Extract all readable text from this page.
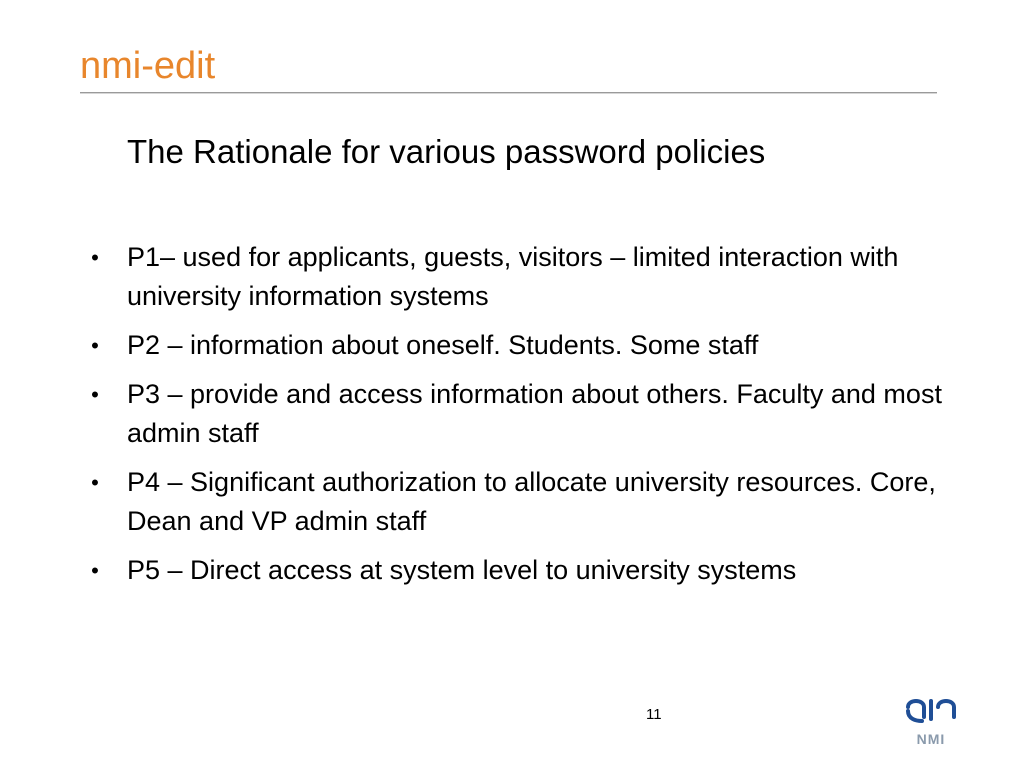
nmi-edit
The Rationale for various password policies
• P1– used for applicants, guests, visitors – limited interaction with university information systems
• P2 – information about oneself. Students. Some staff
• P3 – provide and access information about others. Faculty and most admin staff
• P4 – Significant authorization to allocate university resources. Core, Dean and VP admin staff
• P5 – Direct access at system level to university systems
11
NMI
